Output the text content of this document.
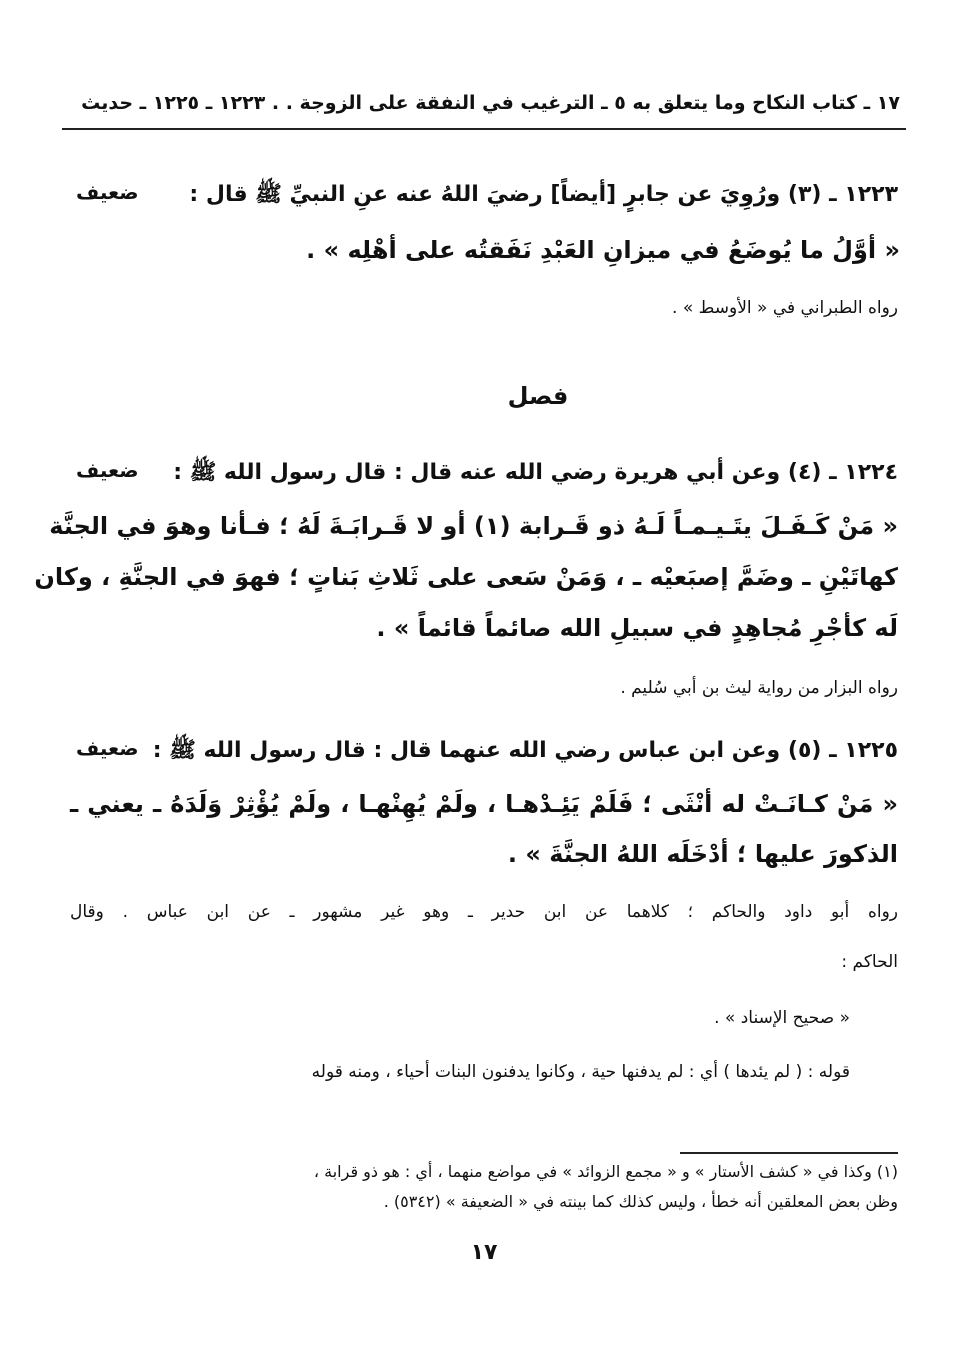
١٧ ـ كتاب النكاح وما يتعلق به ٥ ـ الترغيب في النفقة على الزوجة . . ١٢٢٣ ـ ١٢٢٥ ـ حديث
ضعيف ١٢٢٣ ـ (٣) ورُوِيَ عن جابرٍ [أيضاً] رضيَ اللهُ عنه عنِ النبيِّ ﷺ قال :
« أوَّلُ ما يُوضَعُ في ميزانِ العَبْدِ نَفَقتُه على أهْلِه » .
رواه الطبراني في « الأوسط » .
فصل
ضعيف ١٢٢٤ ـ (٤) وعن أبي هريرة رضي الله عنه قال : قال رسول الله ﷺ :
« مَنْ كَـفَـلَ يتَـيـمـاً لَـهُ ذو قَـرابة (١) أو لا قَـرابَـةَ لَهُ ؛ فـأنا وهوَ في الجنَّة
كهاتَيْنِ ـ وضَمَّ إصبَعيْه ـ ، وَمَنْ سَعى على ثَلاثِ بَناتٍ ؛ فهوَ في الجنَّةِ ، وكان
لَه كأجْرِ مُجاهِدٍ في سبيلِ الله صائماً قائماً » .
رواه البزار من رواية ليث بن أبي سُليم .
ضعيف ١٢٢٥ ـ (٥) وعن ابن عباس رضي الله عنهما قال : قال رسول الله ﷺ :
« مَنْ كـانَـتْ له أنْثَى ؛ فَلَمْ يَئِـدْهـا ، ولَمْ يُهِنْهـا ، ولَمْ يُؤْثِرْ وَلَدَهُ ـ يعني ـ
الذكورَ عليها ؛ أدْخَلَه اللهُ الجنَّةَ » .
رواه أبو داود والحاكم ؛ كلاهما عن ابن حدير ـ وهو غير مشهور ـ عن ابن عباس . وقال
الحاكم :
« صحيح الإسناد » .
قوله : ( لم يئدها ) أي : لم يدفنها حية ، وكانوا يدفنون البنات أحياء ، ومنه قوله
(١) وكذا في « كشف الأستار » و « مجمع الزوائد » في مواضع منهما ، أي : هو ذو قرابة ،
وظن بعض المعلقين أنه خطأ ، وليس كذلك كما بينته في « الضعيفة » (٥٣٤٢) .
١٧
